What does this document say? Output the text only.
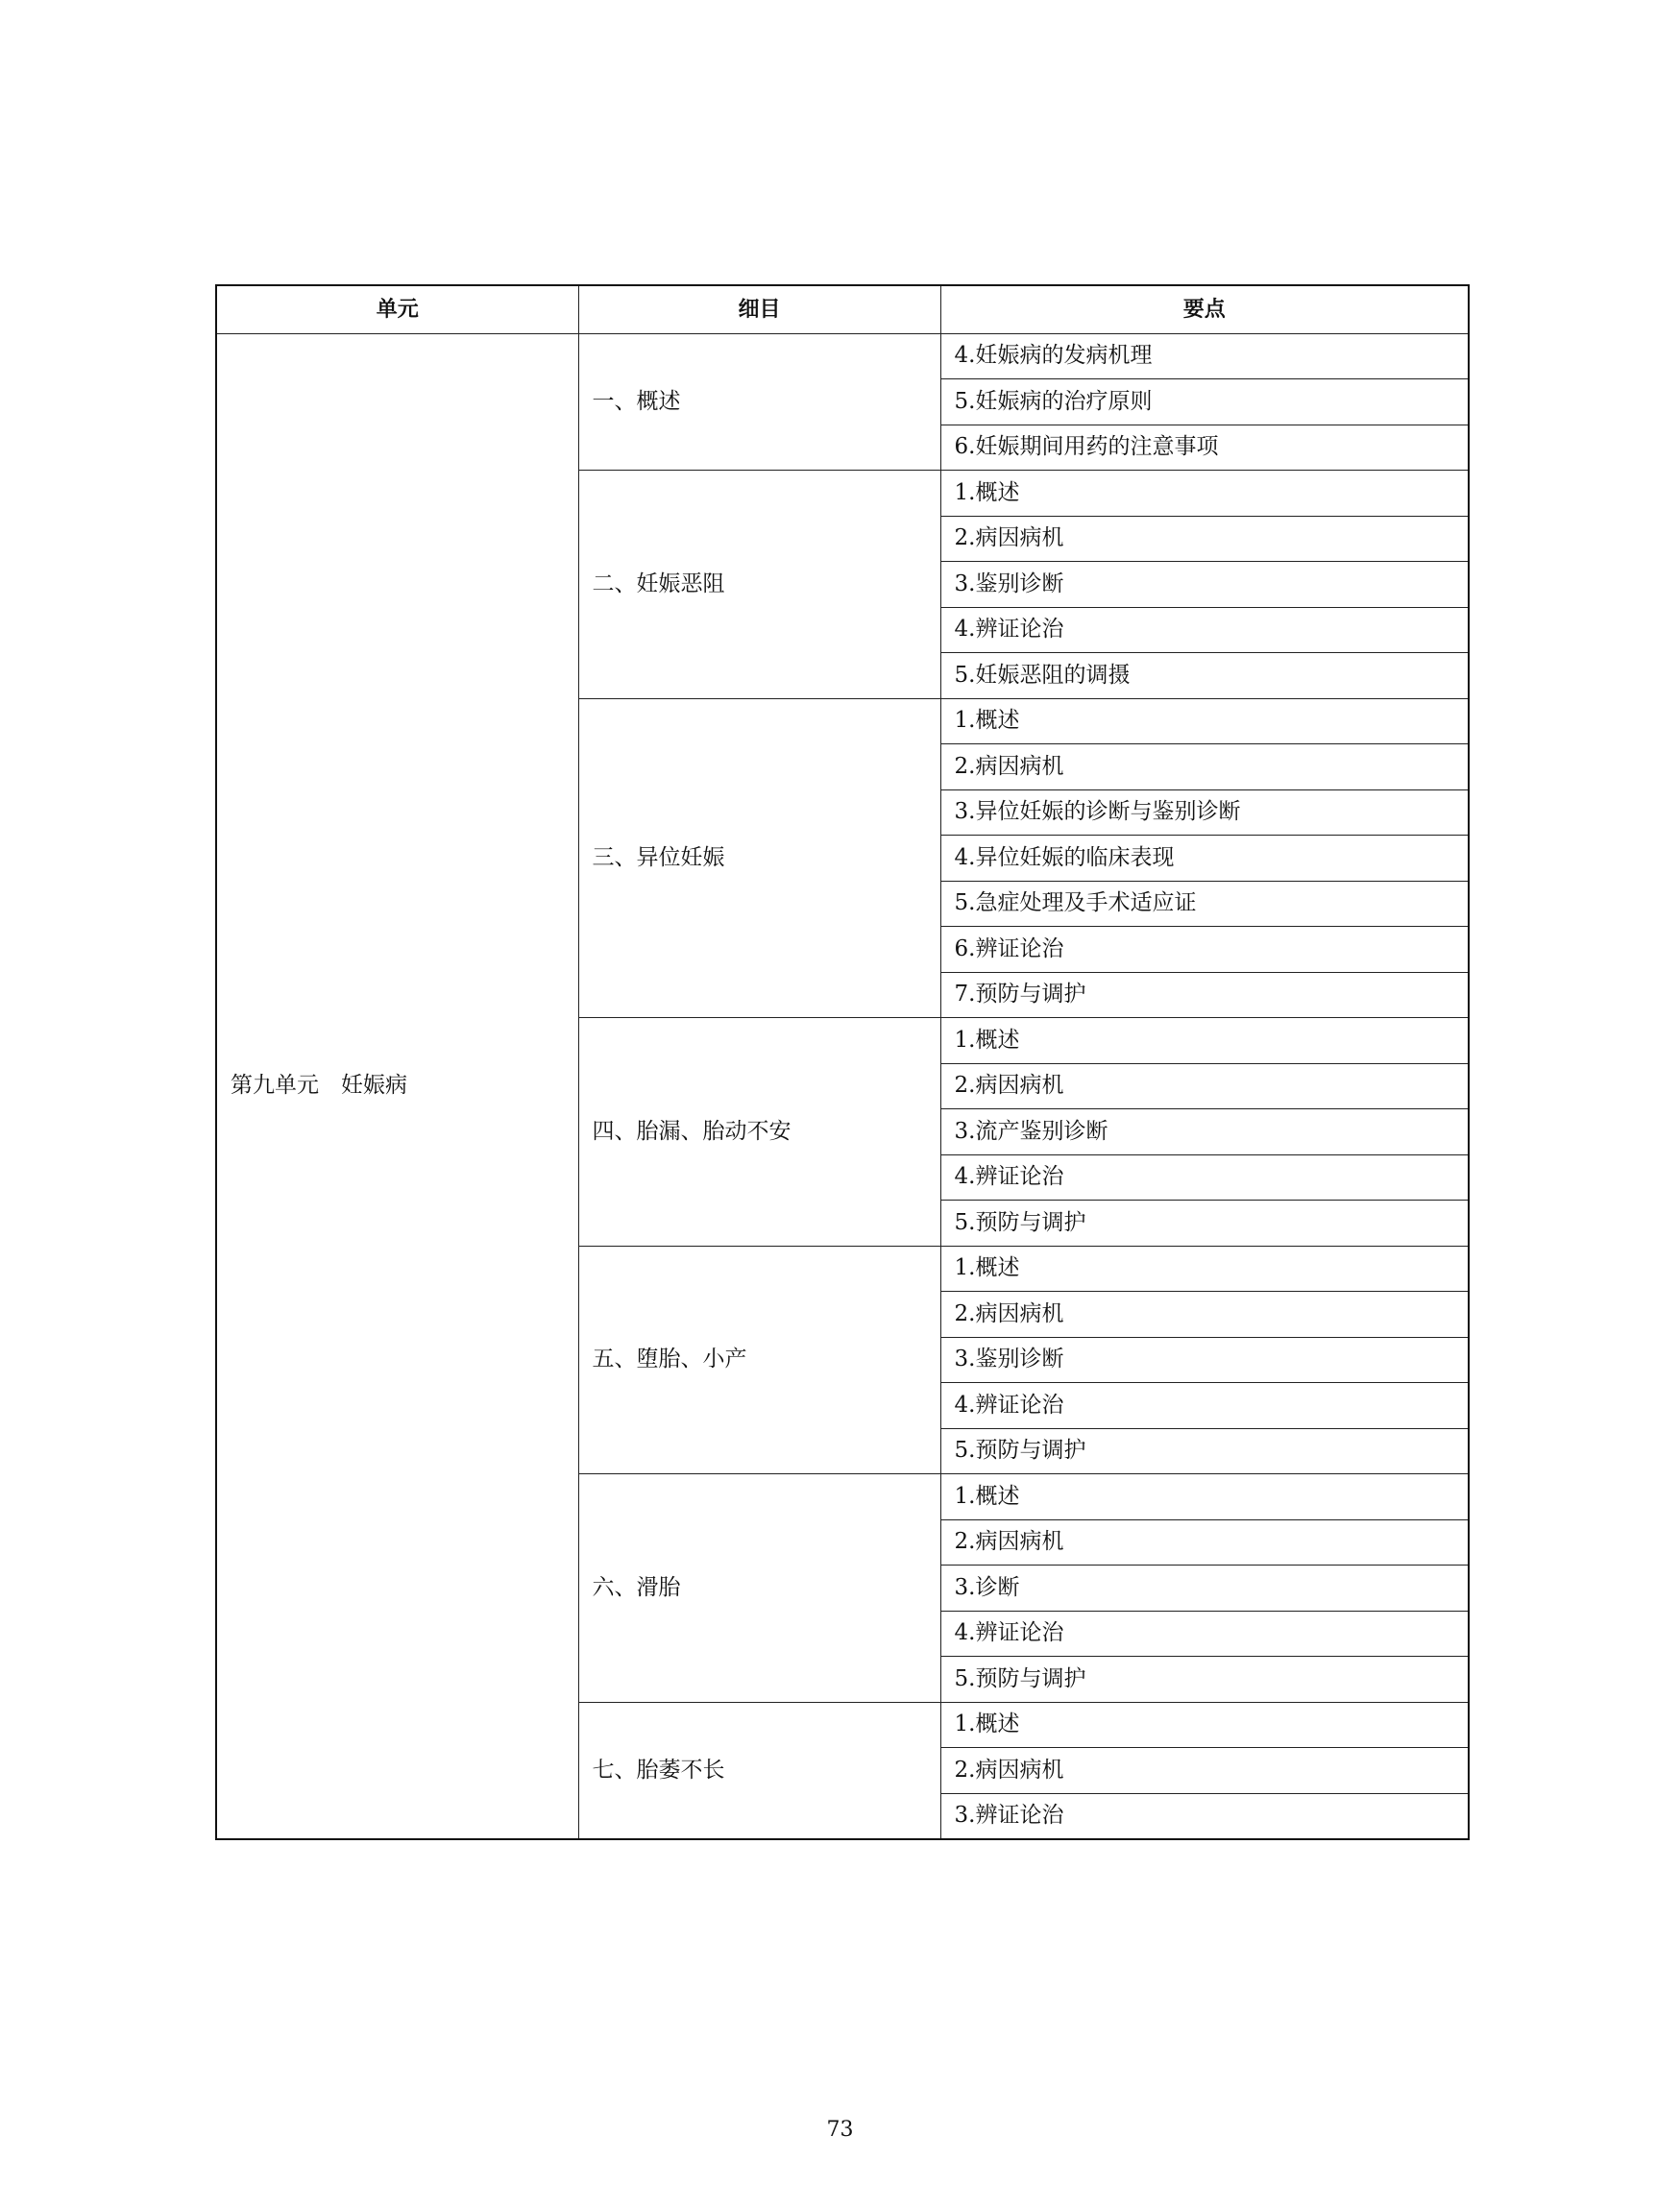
单元	细目	要点
第九单元　妊娠病	一、概述	4.妊娠病的发病机理
		5.妊娠病的治疗原则
		6.妊娠期间用药的注意事项
	二、妊娠恶阻	1.概述
		2.病因病机
		3.鉴别诊断
		4.辨证论治
		5.妊娠恶阻的调摄
	三、异位妊娠	1.概述
		2.病因病机
		3.异位妊娠的诊断与鉴别诊断
		4.异位妊娠的临床表现
		5.急症处理及手术适应证
		6.辨证论治
		7.预防与调护
	四、胎漏、胎动不安	1.概述
		2.病因病机
		3.流产鉴别诊断
		4.辨证论治
		5.预防与调护
	五、堕胎、小产	1.概述
		2.病因病机
		3.鉴别诊断
		4.辨证论治
		5.预防与调护
	六、滑胎	1.概述
		2.病因病机
		3.诊断
		4.辨证论治
		5.预防与调护
	七、胎萎不长	1.概述
		2.病因病机
		3.辨证论治
73
